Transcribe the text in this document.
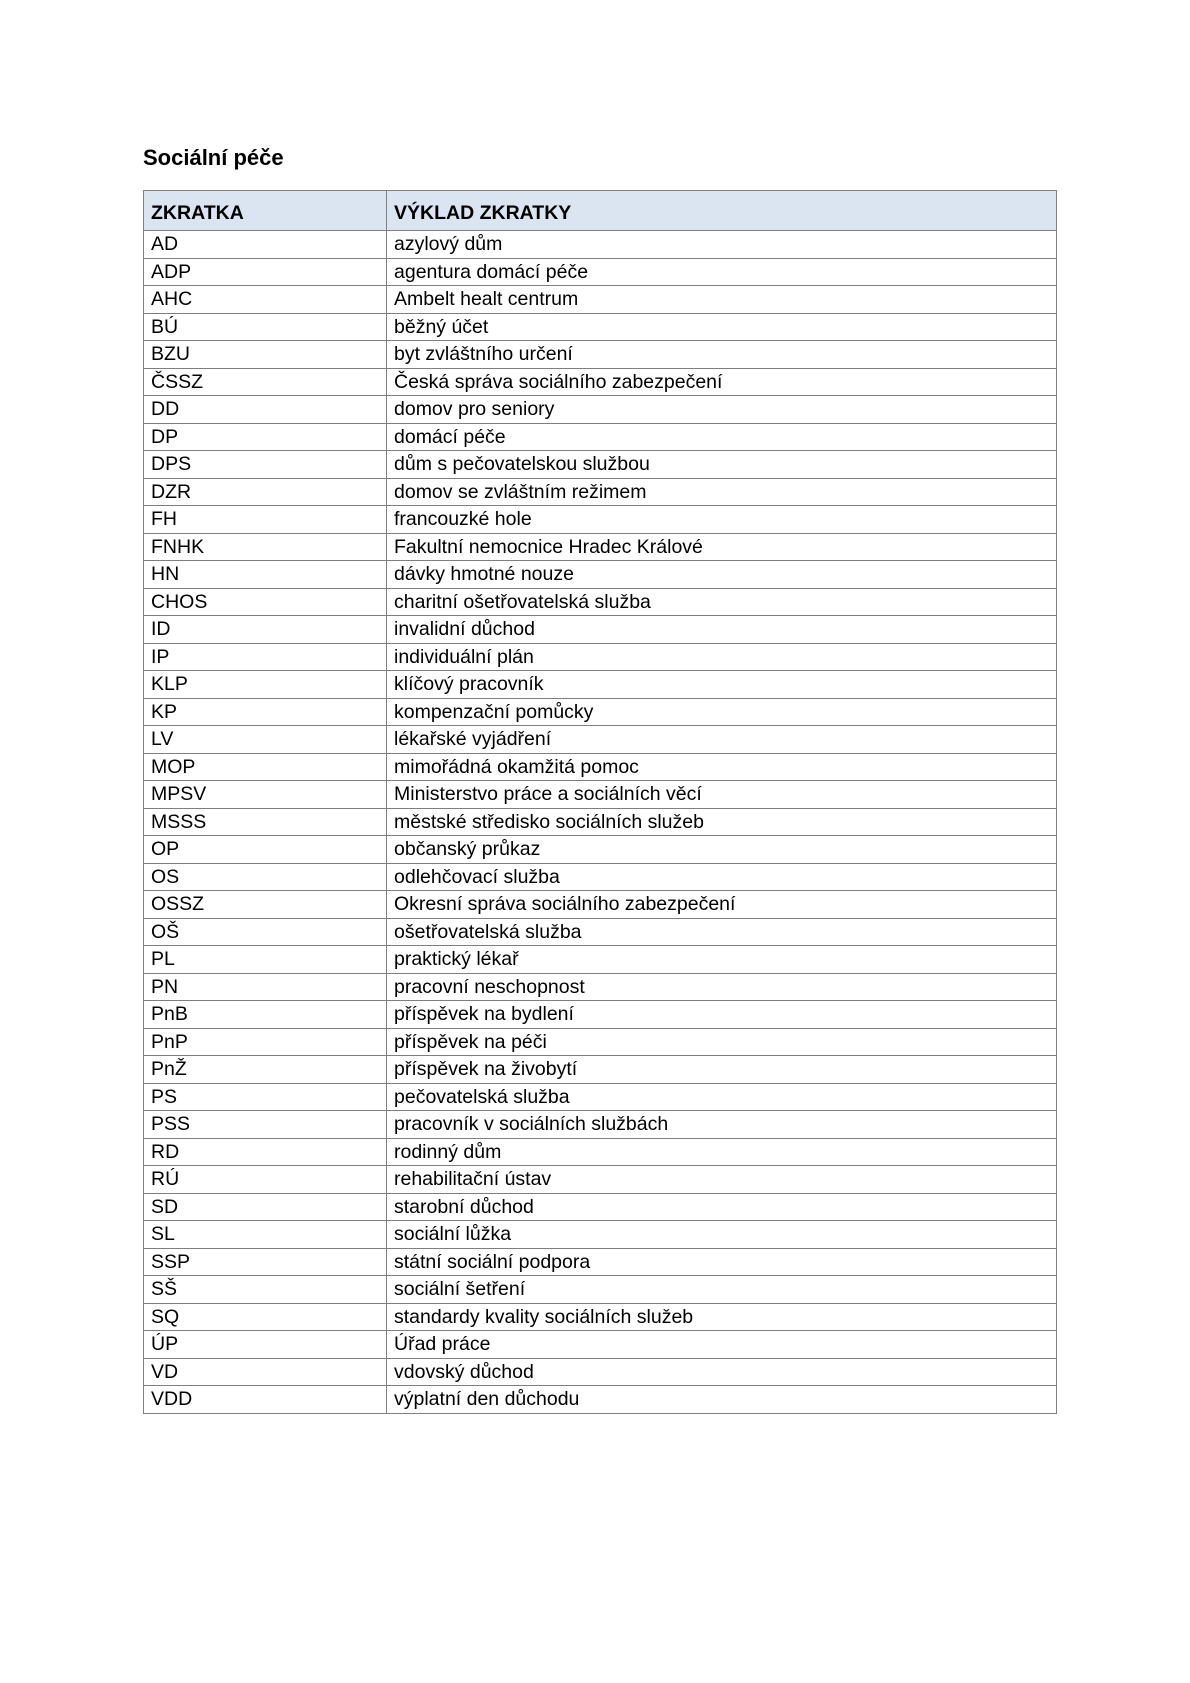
Sociální péče
ZKRATKA	VÝKLAD ZKRATKY
AD	azylový dům
ADP	agentura domácí péče
AHC	Ambelt healt centrum
BÚ	běžný účet
BZU	byt zvláštního určení
ČSSZ	Česká správa sociálního zabezpečení
DD	domov pro seniory
DP	domácí péče
DPS	dům s pečovatelskou službou
DZR	domov se zvláštním režimem
FH	francouzké hole
FNHK	Fakultní nemocnice Hradec Králové
HN	dávky hmotné nouze
CHOS	charitní ošetřovatelská služba
ID	invalidní důchod
IP	individuální plán
KLP	klíčový pracovník
KP	kompenzační pomůcky
LV	lékařské vyjádření
MOP	mimořádná okamžitá pomoc
MPSV	Ministerstvo práce a sociálních věcí
MSSS	městské středisko sociálních služeb
OP	občanský průkaz
OS	odlehčovací služba
OSSZ	Okresní správa sociálního zabezpečení
OŠ	ošetřovatelská služba
PL	praktický lékař
PN	pracovní neschopnost
PnB	příspěvek na bydlení
PnP	příspěvek na péči
PnŽ	příspěvek na živobytí
PS	pečovatelská služba
PSS	pracovník v sociálních službách
RD	rodinný dům
RÚ	rehabilitační ústav
SD	starobní důchod
SL	sociální lůžka
SSP	státní sociální podpora
SŠ	sociální šetření
SQ	standardy kvality sociálních služeb
ÚP	Úřad práce
VD	vdovský důchod
VDD	výplatní den důchodu
